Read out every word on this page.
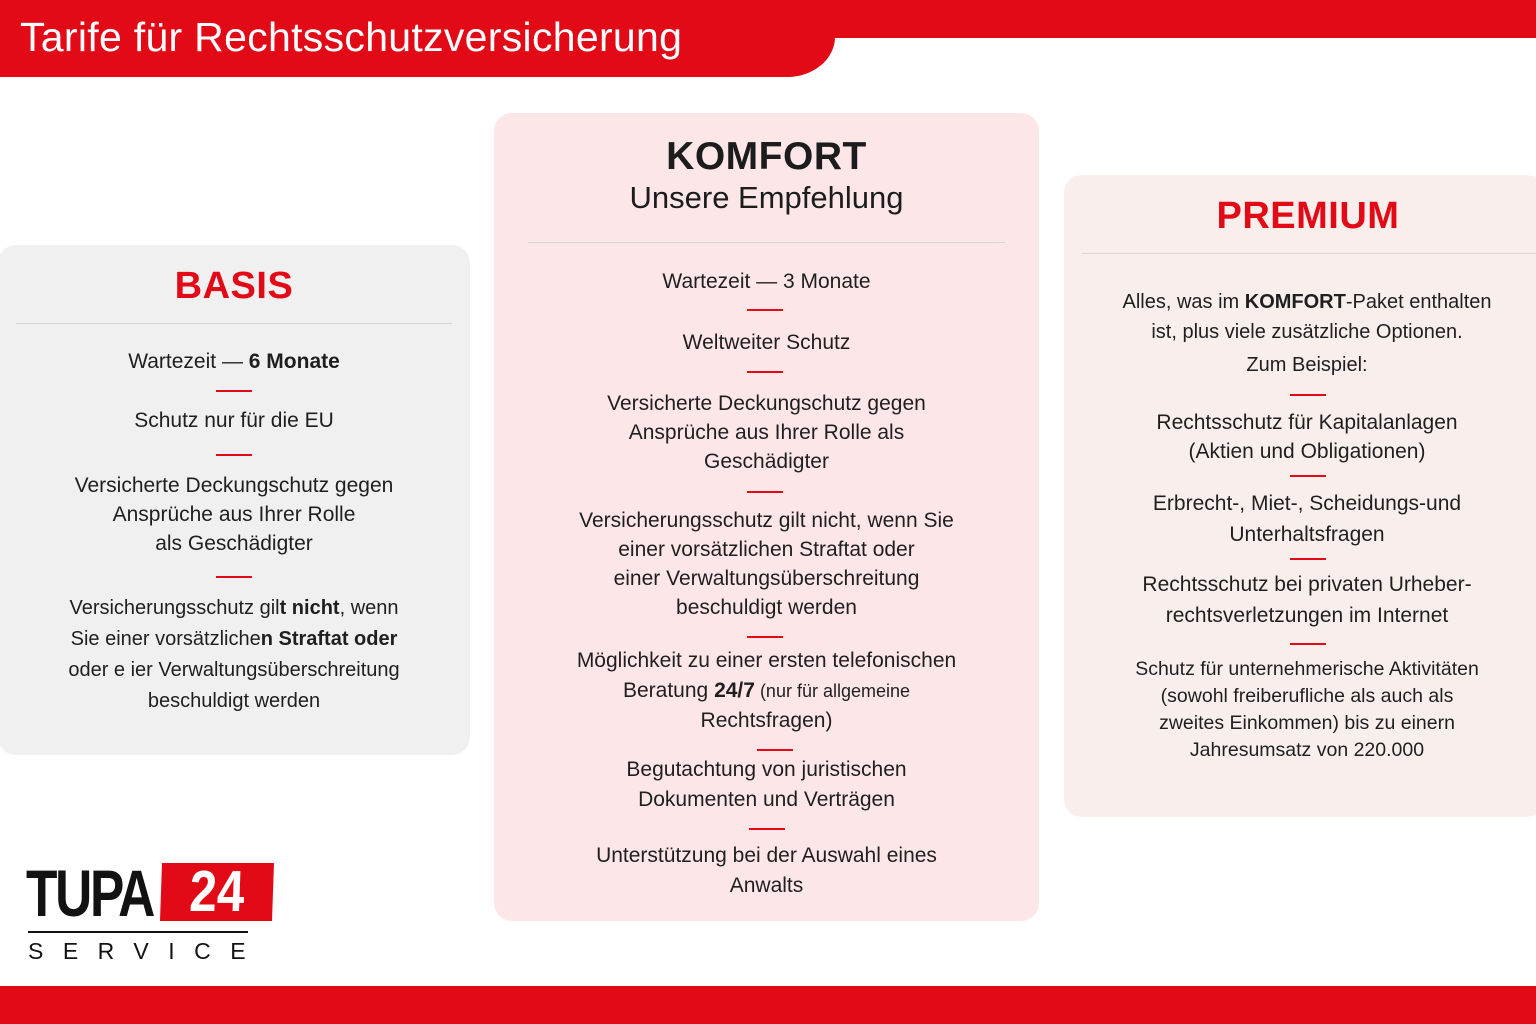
Tarife für Rechtsschutzversicherung
BASIS
Wartezeit — 6 Monate
Schutz nur für die EU
Versicherte Deckungschutz gegen
Ansprüche aus Ihrer Rolle
als Geschädigter
Versicherungsschutz gilt nicht, wenn
Sie einer vorsätzlichen Straftat oder
oder e ier Verwaltungsüberschreitung
beschuldigt werden
KOMFORT
Unsere Empfehlung
Wartezeit — 3 Monate
Weltweiter Schutz
Versicherte Deckungschutz gegen
Ansprüche aus Ihrer Rolle als
Geschädigter
Versicherungsschutz gilt nicht, wenn Sie
einer vorsätzlichen Straftat oder
einer Verwaltungsüberschreitung
beschuldigt werden
Möglichkeit zu einer ersten telefonischen
Beratung 24/7 (nur für allgemeine
Rechtsfragen)
Begutachtung von juristischen
Dokumenten und Verträgen
Unterstützung bei der Auswahl eines
Anwalts
PREMIUM
Alles, was im KOMFORT-Paket enthalten
ist, plus viele zusätzliche Optionen.
Zum Beispiel:
Rechtsschutz für Kapitalanlagen
(Aktien und Obligationen)
Erbrecht-, Miet-, Scheidungs-und
Unterhaltsfragen
Rechtsschutz bei privaten Urheber-
rechtsverletzungen im Internet
Schutz für unternehmerische Aktivitäten
(sowohl freiberufliche als auch als
zweites Einkommen) bis zu einern
Jahresumsatz von 220.000
TUPA 24
SERVICE
